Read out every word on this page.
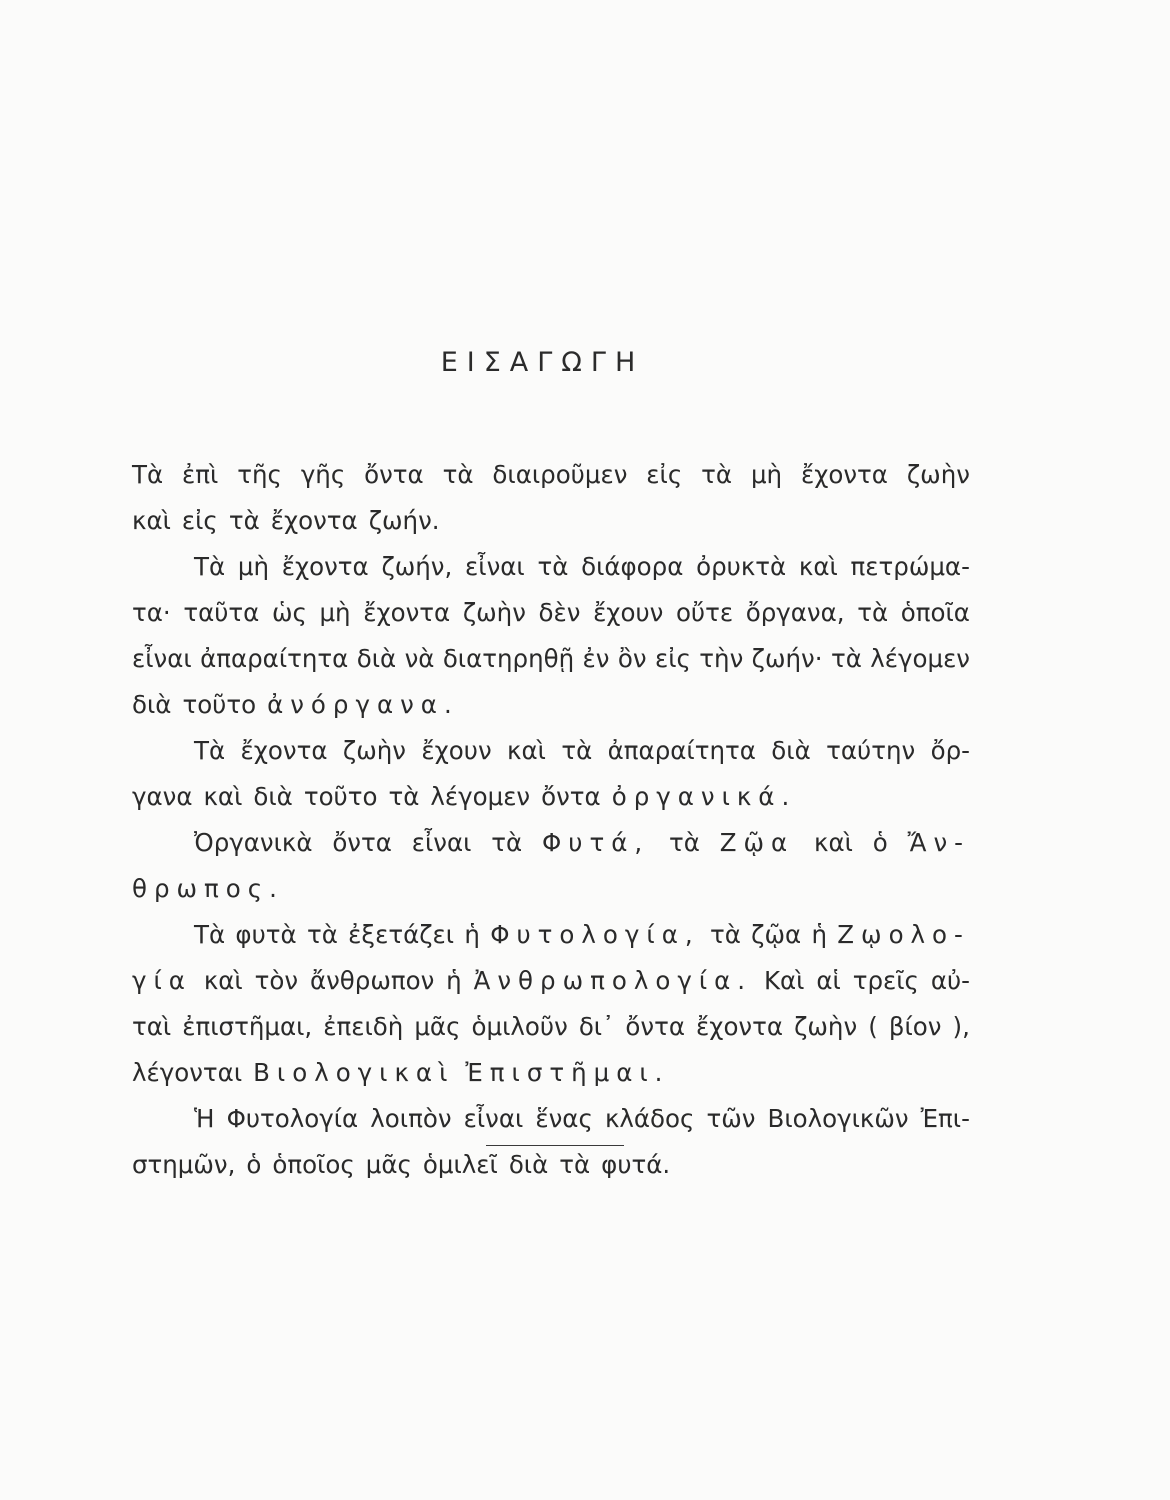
ΕΙΣΑΓΩΓΗ
Τὰ ἐπὶ τῆς γῆς ὄντα τὰ διαιροῦμεν εἰς τὰ μὴ ἔχοντα ζωὴν
καὶ εἰς τὰ ἔχοντα ζωήν.
Τὰ μὴ ἔχοντα ζωήν, εἶναι τὰ διάφορα ὀρυκτὰ καὶ πετρώμα-
τα· ταῦτα ὡς μὴ ἔχοντα ζωὴν δὲν ἔχουν οὔτε ὄργανα, τὰ ὁποῖα
εἶναι ἀπαραίτητα διὰ νὰ διατηρηθῇ ἐν ὂν εἰς τὴν ζωήν· τὰ λέγομεν
διὰ τοῦτο ἀνόργανα.
Τὰ ἔχοντα ζωὴν ἔχουν καὶ τὰ ἀπαραίτητα διὰ ταύτην ὄρ-
γανα καὶ διὰ τοῦτο τὰ λέγομεν ὄντα ὀργανικά.
Ὀργανικὰ ὄντα εἶναι τὰ Φυτά, τὰ Ζῷα καὶ ὁ Ἄν-
θρωπος.
Τὰ φυτὰ τὰ ἐξετάζει ἡ Φυτολογία, τὰ ζῷα ἡ Ζῳολο-
γία καὶ τὸν ἄνθρωπον ἡ Ἀνθρωπολογία. Καὶ αἱ τρεῖς αὐ-
ταὶ ἐπιστῆμαι, ἐπειδὴ μᾶς ὁμιλοῦν δι᾿ ὄντα ἔχοντα ζωὴν ( βίον ),
λέγονται Βιολογικαὶ Ἐπιστῆμαι.
Ἡ Φυτολογία λοιπὸν εἶναι ἕνας κλάδος τῶν Βιολογικῶν Ἐπι-
στημῶν, ὁ ὁποῖος μᾶς ὁμιλεῖ διὰ τὰ φυτά.
